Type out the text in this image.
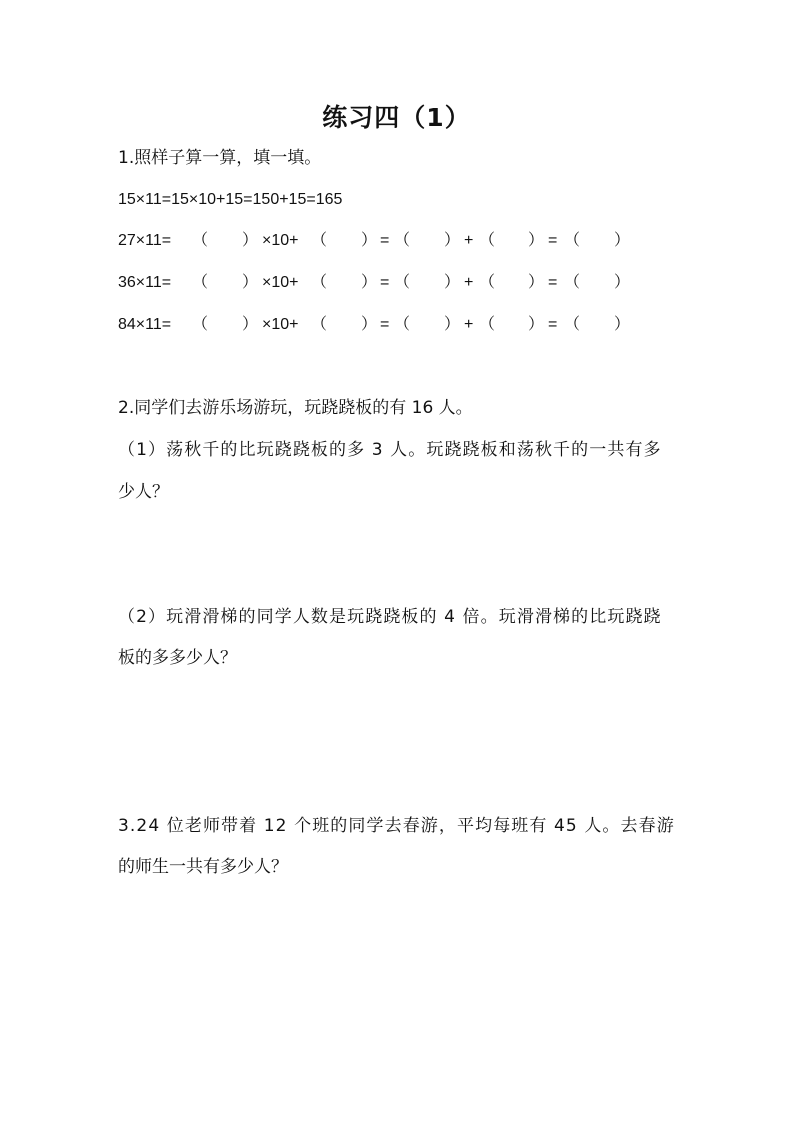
练习四（1）
1.照样子算一算，填一填。
15×11=15×10+15=150+15=165
27×11= （ ） ×10+ （ ） = （ ） + （ ） = （ ）
36×11= （ ） ×10+ （ ） = （ ） + （ ） = （ ）
84×11= （ ） ×10+ （ ） = （ ） + （ ） = （ ）
2.同学们去游乐场游玩，玩跷跷板的有 16 人。
（1）荡秋千的比玩跷跷板的多 3 人。玩跷跷板和荡秋千的一共有多
少人？
（2）玩滑滑梯的同学人数是玩跷跷板的 4 倍。玩滑滑梯的比玩跷跷
板的多多少人？
3.24 位老师带着 12 个班的同学去春游，平均每班有 45 人。去春游
的师生一共有多少人？
